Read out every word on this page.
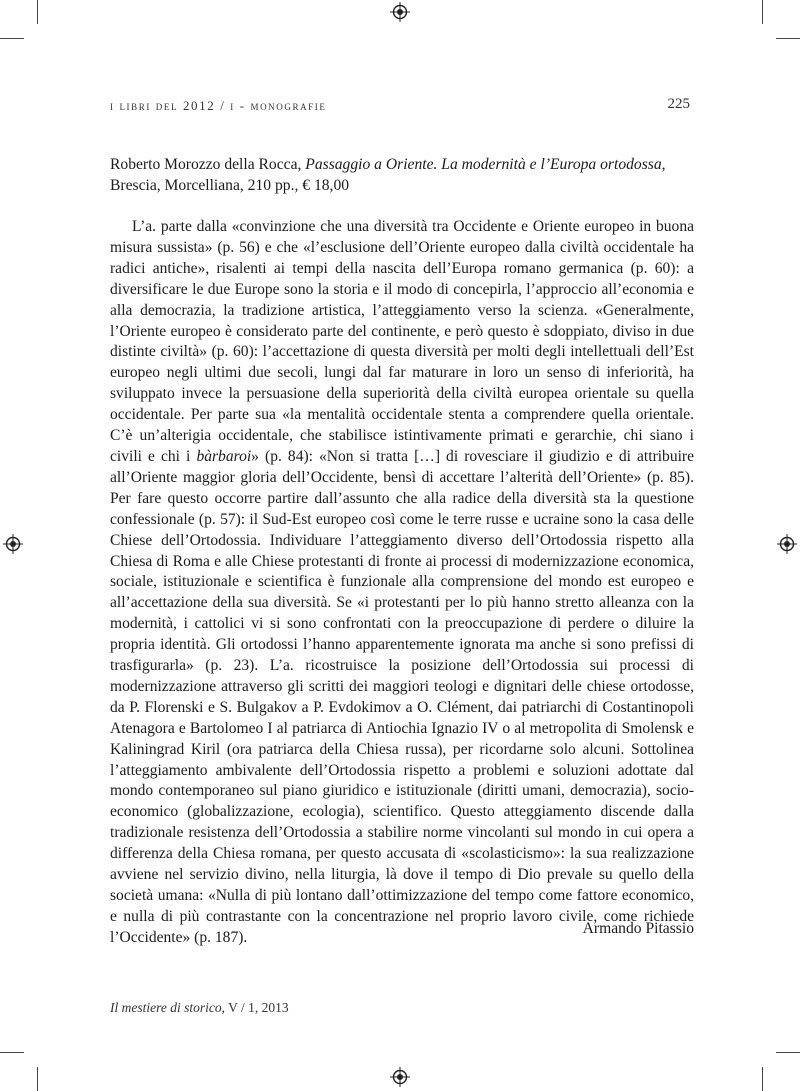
i libri del 2012 / i - monografie	225
Roberto Morozzo della Rocca, Passaggio a Oriente. La modernità e l’Europa ortodossa, Brescia, Morcelliana, 210 pp., € 18,00

L’a. parte dalla «convinzione che una diversità tra Occidente e Oriente europeo in buona misura sussista» (p. 56) e che «l’esclusione dell’Oriente europeo dalla civiltà occidentale ha radici antiche», risalenti ai tempi della nascita dell’Europa romano germanica (p. 60): a diversificare le due Europe sono la storia e il modo di concepirla, l’approccio all’economia e alla democrazia, la tradizione artistica, l’atteggiamento verso la scienza. «Generalmente, l’Oriente europeo è considerato parte del continente, e però questo è sdoppiato, diviso in due distinte civiltà» (p. 60): l’accettazione di questa diversità per molti degli intellettuali dell’Est europeo negli ultimi due secoli, lungi dal far maturare in loro un senso di inferiorità, ha sviluppato invece la persuasione della superiorità della civiltà europea orientale su quella occidentale. Per parte sua «la mentalità occidentale stenta a comprendere quella orientale. C’è un’alterigia occidentale, che stabilisce istintivamente primati e gerarchie, chi siano i civili e chi i bàrbaroi» (p. 84): «Non si tratta […] di rovesciare il giudizio e di attribuire all’Oriente maggior gloria dell’Occidente, bensì di accettare l’alterità dell’Oriente» (p. 85). Per fare questo occorre partire dall’assunto che alla radice della diversità sta la questione confessionale (p. 57): il Sud-Est europeo così come le terre russe e ucraine sono la casa delle Chiese dell’Ortodossia. Individuare l’atteggiamento diverso dell’Ortodossia rispetto alla Chiesa di Roma e alle Chiese protestanti di fronte ai processi di modernizzazione economica, sociale, istituzionale e scientifica è funzionale alla comprensione del mondo est europeo e all’accettazione della sua diversità. Se «i protestanti per lo più hanno stretto alleanza con la modernità, i cattolici vi si sono confrontati con la preoccupazione di perdere o diluire la propria identità. Gli ortodossi l’hanno apparentemente ignorata ma anche si sono prefissi di trasfigurarla» (p. 23). L’a. ricostruisce la posizione dell’Ortodossia sui processi di modernizzazione attraverso gli scritti dei maggiori teologi e dignitari delle chiese ortodosse, da P. Florenski e S. Bulgakov a P. Evdokimov a O. Clément, dai patriarchi di Costantinopoli Atenagora e Bartolomeo I al patriarca di Antiochia Ignazio IV o al metropolita di Smolensk e Kaliningrad Kiril (ora patriarca della Chiesa russa), per ricordarne solo alcuni. Sottolinea l’atteggiamento ambivalente dell’Ortodossia rispetto a problemi e soluzioni adottate dal mondo contemporaneo sul piano giuridico e istituzionale (diritti umani, democrazia), socio-economico (globalizzazione, ecologia), scientifico. Questo atteggiamento discende dalla tradizionale resistenza dell’Ortodossia a stabilire norme vincolanti sul mondo in cui opera a differenza della Chiesa romana, per questo accusata di «scolasticismo»: la sua realizzazione avviene nel servizio divino, nella liturgia, là dove il tempo di Dio prevale su quello della società umana: «Nulla di più lontano dall’ottimizzazione del tempo come fattore economico, e nulla di più contrastante con la concentrazione nel proprio lavoro civile, come richiede l’Occidente» (p. 187).

Armando Pitassio
Il mestiere di storico, V / 1, 2013
